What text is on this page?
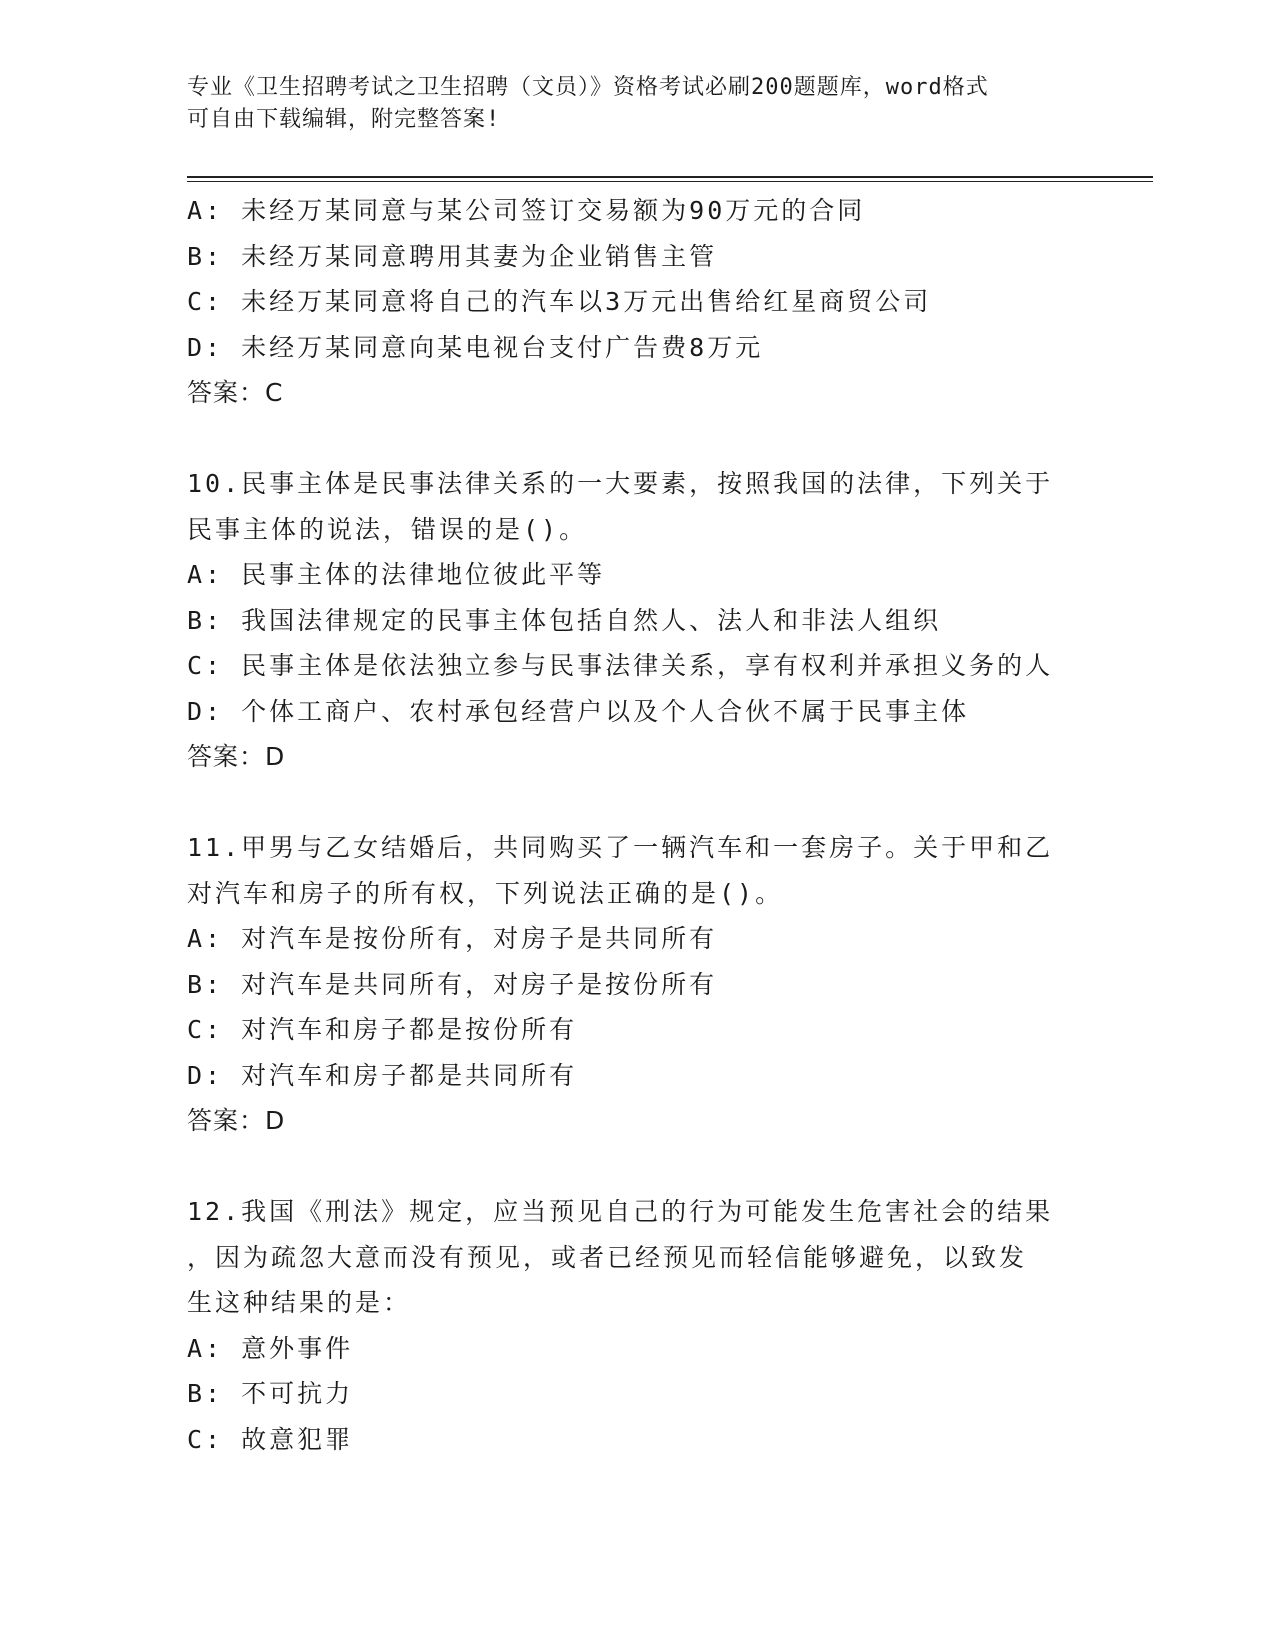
专业《卫生招聘考试之卫生招聘（文员）》资格考试必刷200题题库，word格式
可自由下载编辑，附完整答案!
A: 未经万某同意与某公司签订交易额为90万元的合同
B: 未经万某同意聘用其妻为企业销售主管
C: 未经万某同意将自己的汽车以3万元出售给红星商贸公司
D: 未经万某同意向某电视台支付广告费8万元
答案：C
10.民事主体是民事法律关系的一大要素，按照我国的法律，下列关于
民事主体的说法，错误的是()。
A: 民事主体的法律地位彼此平等
B: 我国法律规定的民事主体包括自然人、法人和非法人组织
C: 民事主体是依法独立参与民事法律关系，享有权利并承担义务的人
D: 个体工商户、农村承包经营户以及个人合伙不属于民事主体
答案：D
11.甲男与乙女结婚后，共同购买了一辆汽车和一套房子。关于甲和乙
对汽车和房子的所有权，下列说法正确的是()。
A: 对汽车是按份所有，对房子是共同所有
B: 对汽车是共同所有，对房子是按份所有
C: 对汽车和房子都是按份所有
D: 对汽车和房子都是共同所有
答案：D
12.我国《刑法》规定，应当预见自己的行为可能发生危害社会的结果
，因为疏忽大意而没有预见，或者已经预见而轻信能够避免，以致发
生这种结果的是：
A: 意外事件
B: 不可抗力
C: 故意犯罪
